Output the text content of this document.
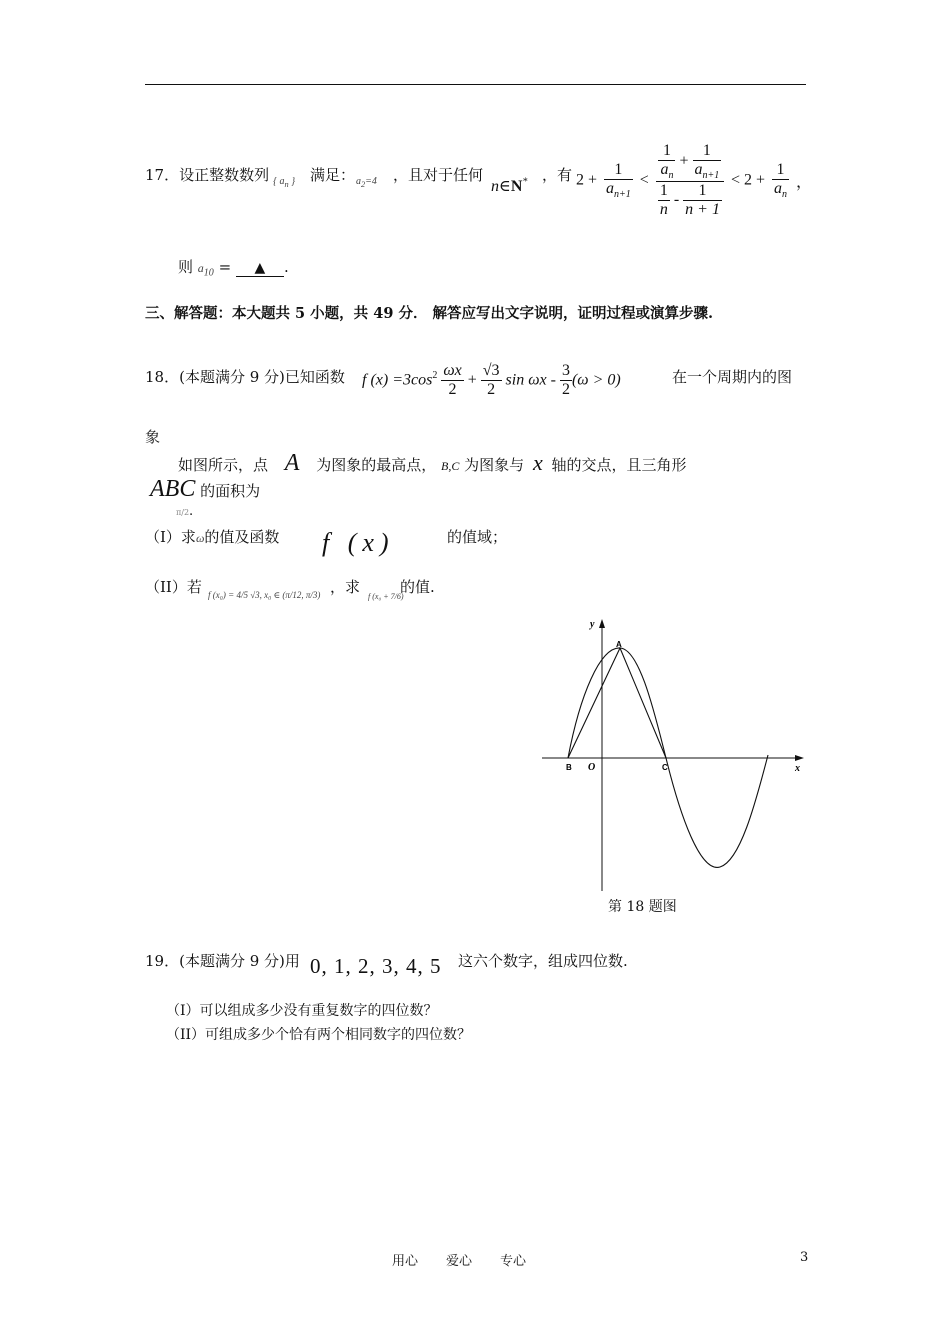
17．设正整数数列 { $a_n$ } 满足： $a_2=4$ ，且对于任何
n∈N* ，有 $2 + \frac{1}{a_{n+1}} < \frac{\frac{1}{a_n} + \frac{1}{a_{n+1}}}{\frac{1}{n} - \frac{1}{n + 1}} < 2 + \frac{1}{a_n}$ ，
则 $a_{10}$ = ▲ .
三、解答题：本大题共 5 小题，共 49 分． 解答应写出文字说明，证明过程或演算步骤.
18．(本题满分 9 分)已知函数 f $(x) =3\cos^2 \frac{\omega x}{2} + \frac{√3}{2}$ $\sin \omega x - \frac{3}{2} (\omega > 0)$	在一个周期内的图
象
如图所示，点 A 为图象的最高点， B,C 为图象与 x 轴的交点，且三角形
ABC 的面积为
π/2.
（I）求ω的值及函数 f (x)	的值域；
（II）若 f (x₀) = 4/5 √3, x₀ ∈ (π/12, π/3) ，求
f (x₀ + 7/6)
的值.
y
x
A
B O	C
第 18 题图
19．(本题满分 9 分)用 0, 1, 2, 3, 4, 5 这六个数字，组成四位数.
（I）可以组成多少没有重复数字的四位数？
（II）可组成多少个恰有两个相同数字的四位数？
用心 爱心 专心	3
